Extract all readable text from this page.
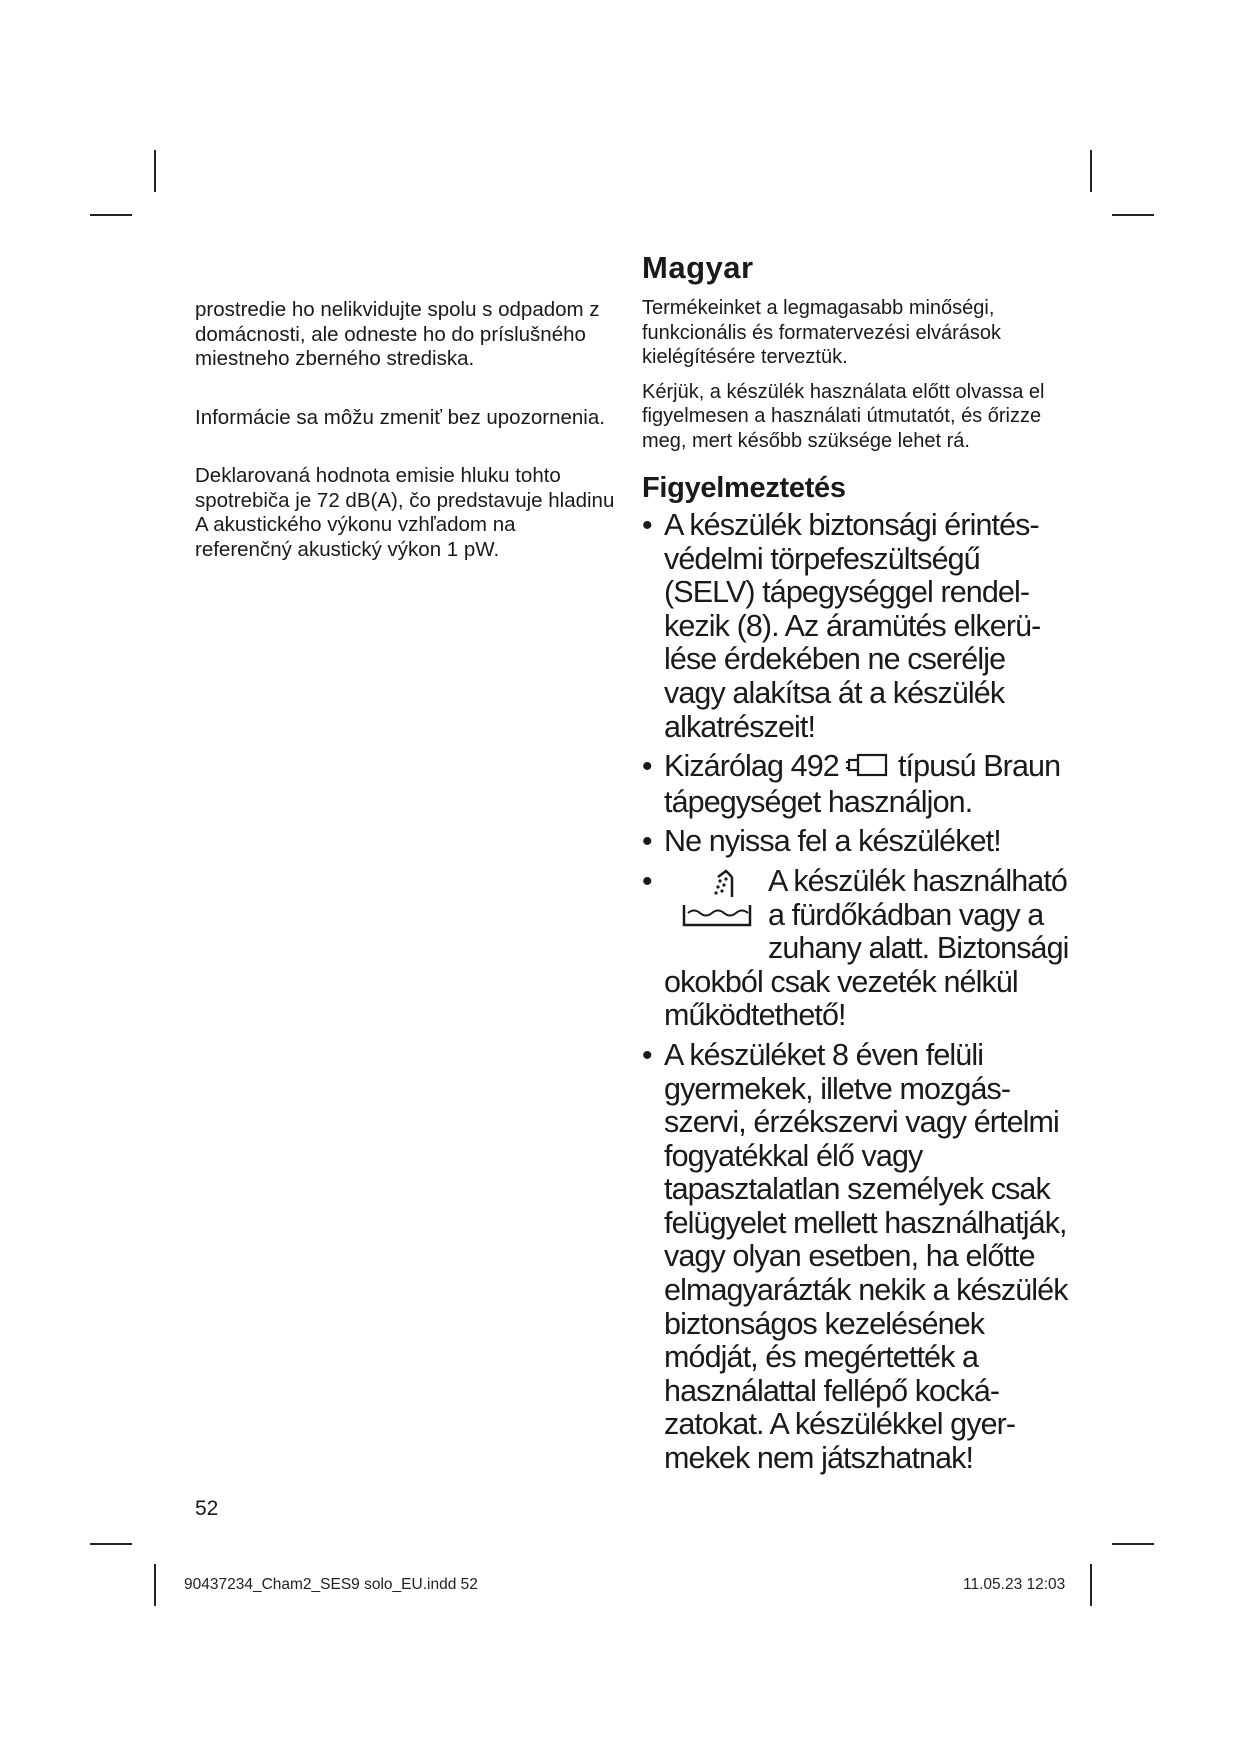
prostredie ho nelikvidujte spolu s odpadom z domácnosti, ale odneste ho do príslušného miestneho zberného strediska.

Informácie sa môžu zmeniť bez upozornenia.

Deklarovaná hodnota emisie hluku tohto spotrebiča je 72 dB(A), čo predstavuje hladinu A akustického výkonu vzhľadom na referenčný akustický výkon 1 pW.

Magyar

Termékeinket a legmagasabb minőségi, funkcionális és formatervezési elvárások kielégítésére terveztük.

Kérjük, a készülék használata előtt olvassa el figyelmesen a használati útmutatót, és őrizze meg, mert később szüksége lehet rá.

Figyelmeztetés
• A készülék biztonsági érintésvédelmi törpefeszültségű (SELV) tápegységgel rendelkezik (8). Az áramütés elkerülése érdekében ne cserélje vagy alakítsa át a készülék alkatrészeit!
• Kizárólag 492 típusú Braun tápegységet használjon.
• Ne nyissa fel a készüléket!
•	A készülék használható a fürdőkádban vagy a zuhany alatt. Biztonsági okokból csak vezeték nélkül működtethető!
• A készüléket 8 éven felüli gyermekek, illetve mozgásszervi, érzékszervi vagy értelmi fogyatékkal élő vagy tapasztalatlan személyek csak felügyelet mellett használhatják, vagy olyan esetben, ha előtte elmagyarázták nekik a készülék biztonságos kezelésének módját, és megértették a használattal fellépő kockázatokat. A készülékkel gyermekek nem játszhatnak!
52
90437234_Cham2_SES9 solo_EU.indd 52	11.05.23 12:03
